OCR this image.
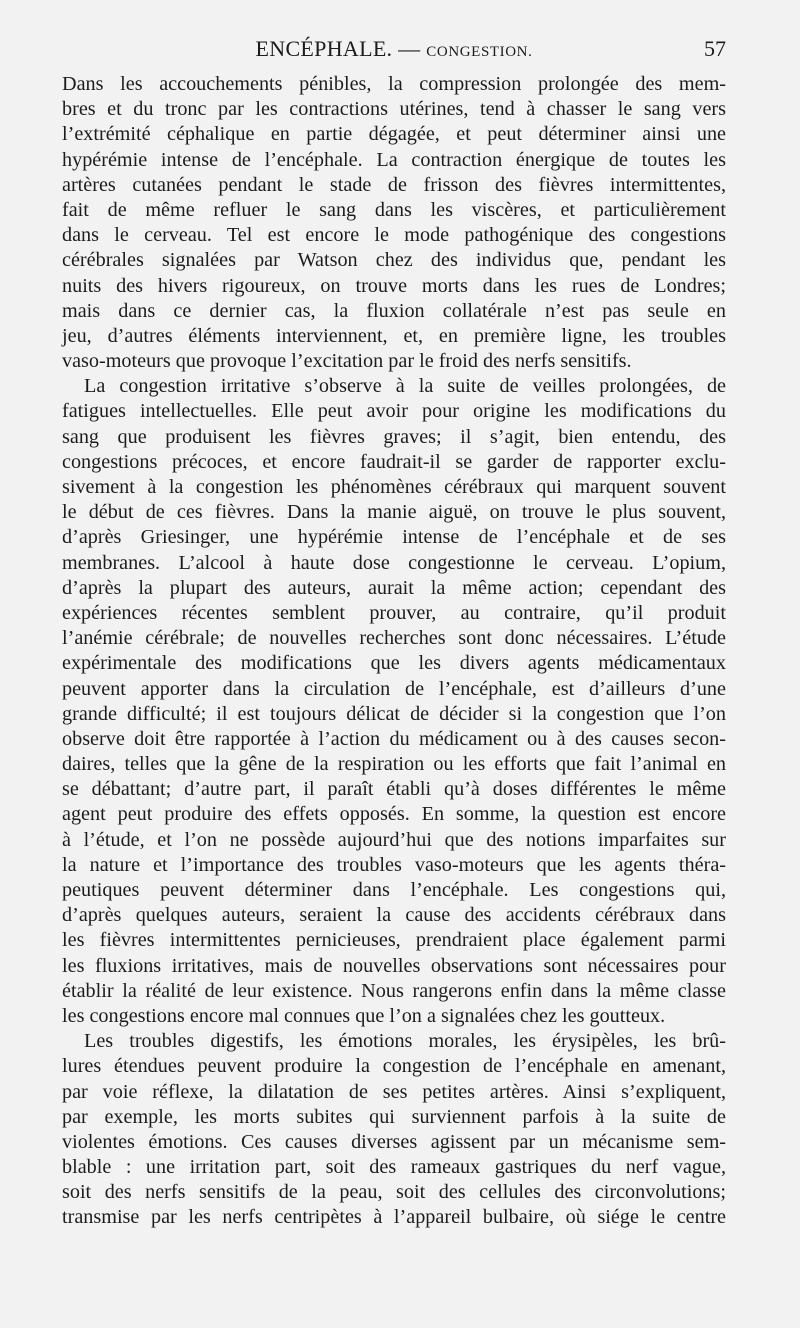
ENCÉPHALE. — CONGESTION.	57
Dans les accouchements pénibles, la compression prolongée des mem-
bres et du tronc par les contractions utérines, tend à chasser le sang vers
l’extrémité céphalique en partie dégagée, et peut déterminer ainsi une
hypérémie intense de l’encéphale. La contraction énergique de toutes les
artères cutanées pendant le stade de frisson des fièvres intermittentes,
fait de même refluer le sang dans les viscères, et particulièrement
dans le cerveau. Tel est encore le mode pathogénique des congestions
cérébrales signalées par Watson chez des individus que, pendant les
nuits des hivers rigoureux, on trouve morts dans les rues de Londres;
mais dans ce dernier cas, la fluxion collatérale n’est pas seule en
jeu, d’autres éléments interviennent, et, en première ligne, les troubles
vaso-moteurs que provoque l’excitation par le froid des nerfs sensitifs.
La congestion irritative s’observe à la suite de veilles prolongées, de
fatigues intellectuelles. Elle peut avoir pour origine les modifications du
sang que produisent les fièvres graves; il s’agit, bien entendu, des
congestions précoces, et encore faudrait-il se garder de rapporter exclu-
sivement à la congestion les phénomènes cérébraux qui marquent souvent
le début de ces fièvres. Dans la manie aiguë, on trouve le plus souvent,
d’après Griesinger, une hypérémie intense de l’encéphale et de ses
membranes. L’alcool à haute dose congestionne le cerveau. L’opium,
d’après la plupart des auteurs, aurait la même action; cependant des
expériences récentes semblent prouver, au contraire, qu’il produit
l’anémie cérébrale; de nouvelles recherches sont donc nécessaires. L’étude
expérimentale des modifications que les divers agents médicamentaux
peuvent apporter dans la circulation de l’encéphale, est d’ailleurs d’une
grande difficulté; il est toujours délicat de décider si la congestion que l’on
observe doit être rapportée à l’action du médicament ou à des causes secon-
daires, telles que la gêne de la respiration ou les efforts que fait l’animal en
se débattant; d’autre part, il paraît établi qu’à doses différentes le même
agent peut produire des effets opposés. En somme, la question est encore
à l’étude, et l’on ne possède aujourd’hui que des notions imparfaites sur
la nature et l’importance des troubles vaso-moteurs que les agents théra-
peutiques peuvent déterminer dans l’encéphale. Les congestions qui,
d’après quelques auteurs, seraient la cause des accidents cérébraux dans
les fièvres intermittentes pernicieuses, prendraient place également parmi
les fluxions irritatives, mais de nouvelles observations sont nécessaires pour
établir la réalité de leur existence. Nous rangerons enfin dans la même classe
les congestions encore mal connues que l’on a signalées chez les goutteux.
Les troubles digestifs, les émotions morales, les érysipèles, les brû-
lures étendues peuvent produire la congestion de l’encéphale en amenant,
par voie réflexe, la dilatation de ses petites artères. Ainsi s’expliquent,
par exemple, les morts subites qui surviennent parfois à la suite de
violentes émotions. Ces causes diverses agissent par un mécanisme sem-
blable : une irritation part, soit des rameaux gastriques du nerf vague,
soit des nerfs sensitifs de la peau, soit des cellules des circonvolutions;
transmise par les nerfs centripètes à l’appareil bulbaire, où siége le centre
